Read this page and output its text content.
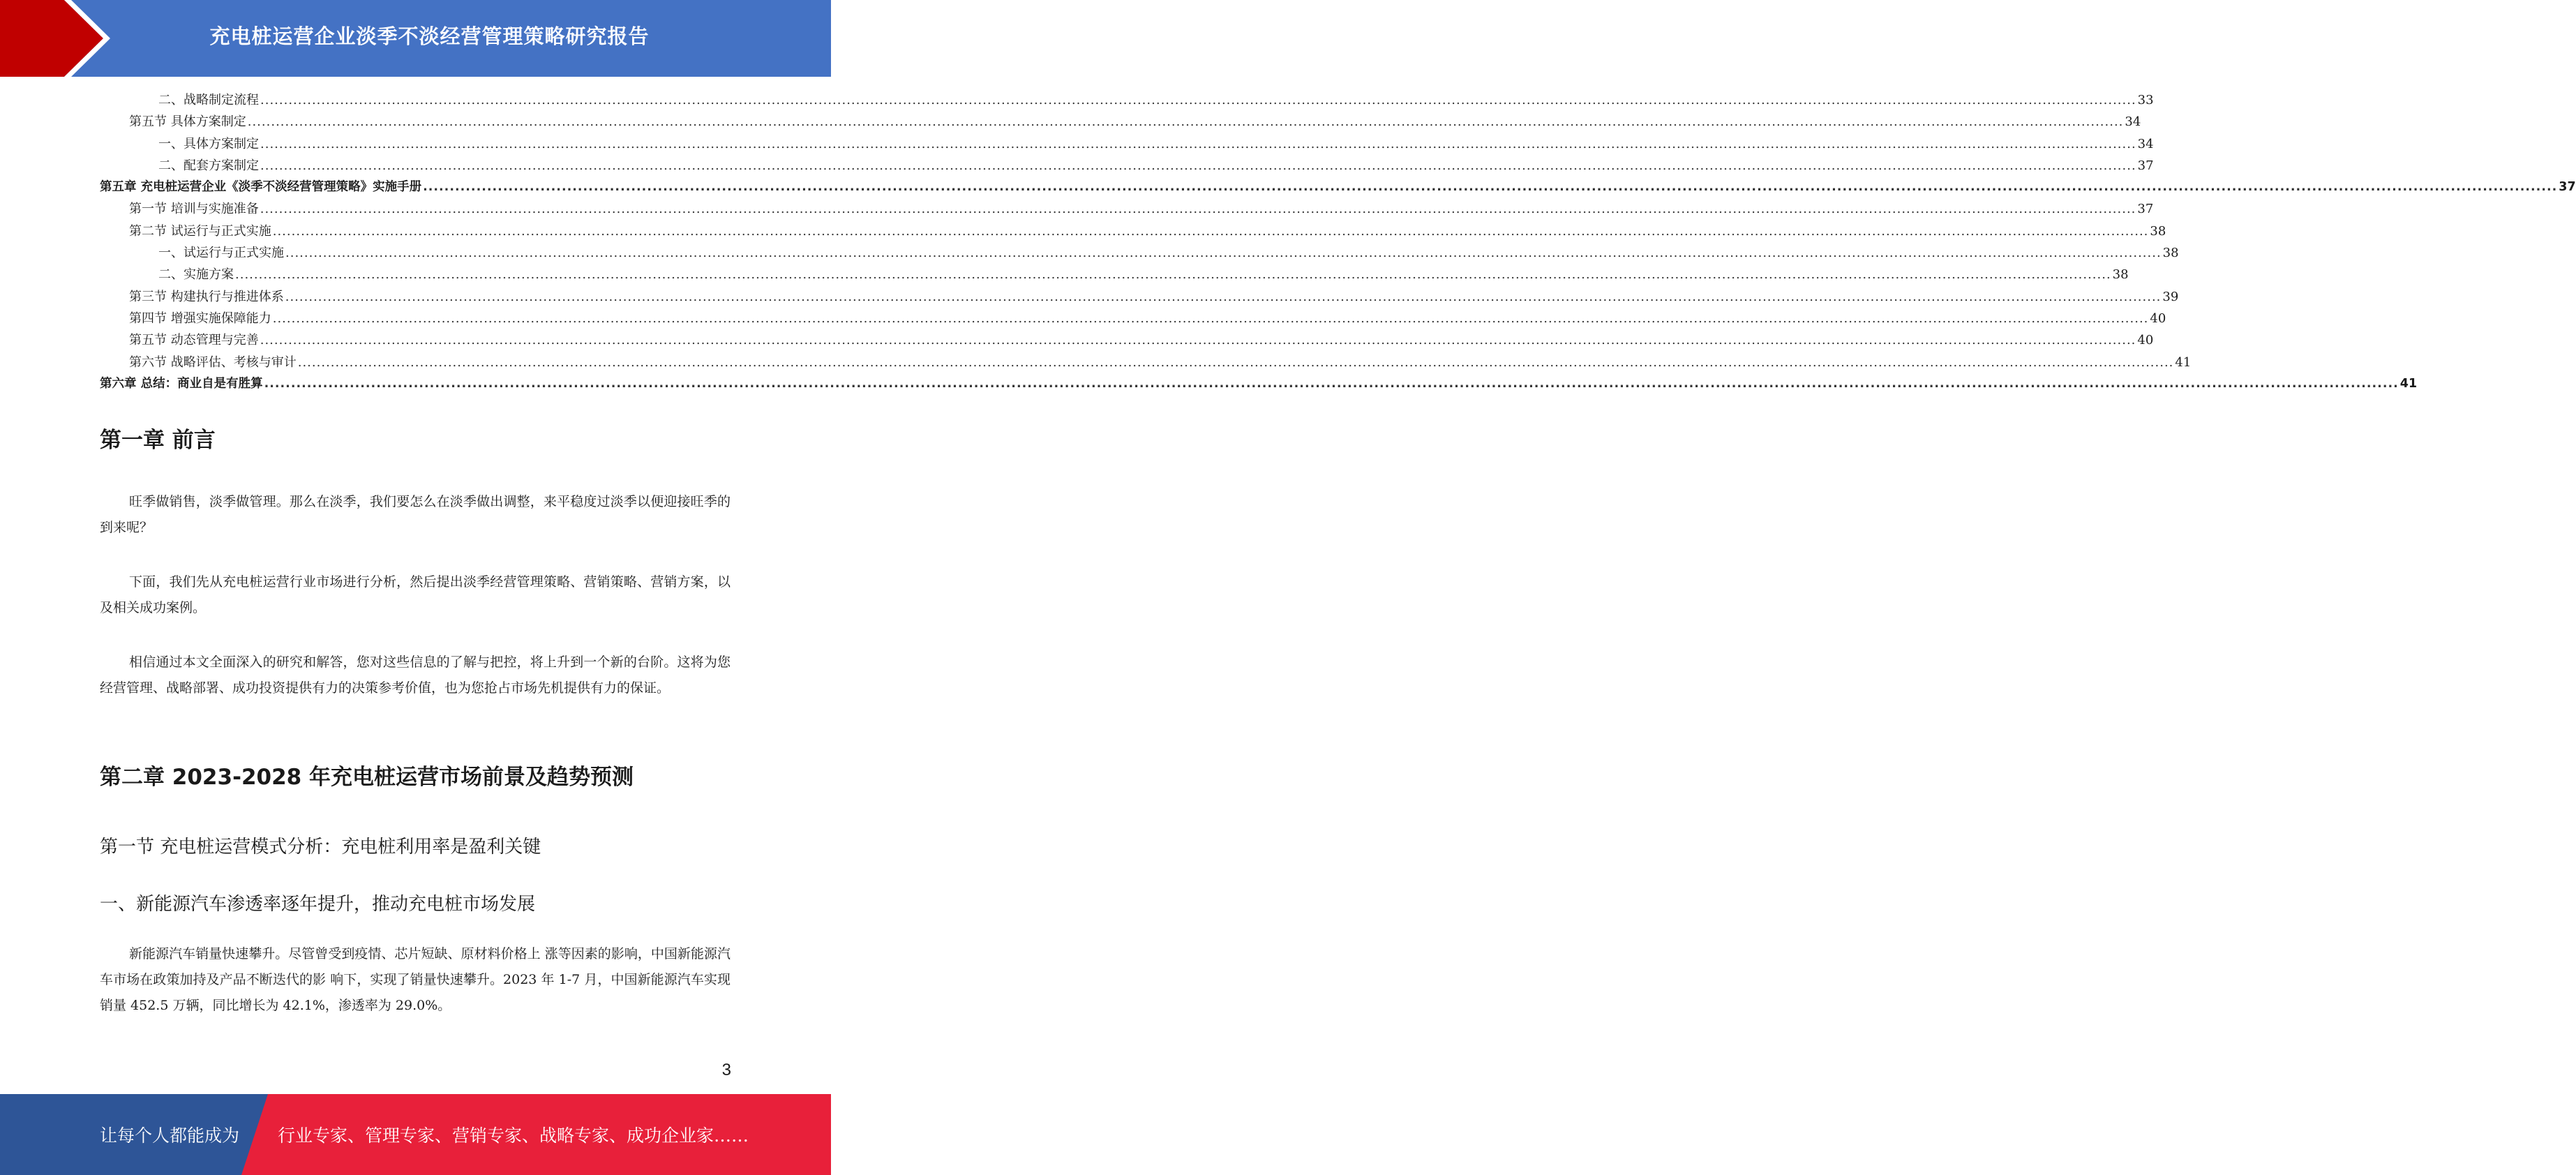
充电桩运营企业淡季不淡经营管理策略研究报告
二、战略制定流程 ................................................................................................................................................................................................................................................................................................................................................................................................................ 33
第五节 具体方案制定 ................................................................................................................................................................................................................................................................................................................................................................................................................ 34
一、具体方案制定 ................................................................................................................................................................................................................................................................................................................................................................................................................ 34
二、配套方案制定 ................................................................................................................................................................................................................................................................................................................................................................................................................ 37
第五章 充电桩运营企业《淡季不淡经营管理策略》实施手册 ................................................................................................................................................................................................................................................................................................................................................................................................................ 37
第一节 培训与实施准备 ................................................................................................................................................................................................................................................................................................................................................................................................................ 37
第二节 试运行与正式实施 ................................................................................................................................................................................................................................................................................................................................................................................................................ 38
一、试运行与正式实施 ................................................................................................................................................................................................................................................................................................................................................................................................................ 38
二、实施方案 ................................................................................................................................................................................................................................................................................................................................................................................................................ 38
第三节 构建执行与推进体系 ................................................................................................................................................................................................................................................................................................................................................................................................................ 39
第四节 增强实施保障能力 ................................................................................................................................................................................................................................................................................................................................................................................................................ 40
第五节 动态管理与完善 ................................................................................................................................................................................................................................................................................................................................................................................................................ 40
第六节 战略评估、考核与审计 ................................................................................................................................................................................................................................................................................................................................................................................................................ 41
第六章 总结：商业自是有胜算 ................................................................................................................................................................................................................................................................................................................................................................................................................ 41
第一章 前言
旺季做销售，淡季做管理。那么在淡季，我们要怎么在淡季做出调整，来平稳度过淡季以便迎接旺季的到来呢？
下面，我们先从充电桩运营行业市场进行分析，然后提出淡季经营管理策略、营销策略、营销方案，以及相关成功案例。
相信通过本文全面深入的研究和解答，您对这些信息的了解与把控，将上升到一个新的台阶。这将为您经营管理、战略部署、成功投资提供有力的决策参考价值，也为您抢占市场先机提供有力的保证。
第二章 2023-2028 年充电桩运营市场前景及趋势预测
第一节 充电桩运营模式分析：充电桩利用率是盈利关键
一、新能源汽车渗透率逐年提升，推动充电桩市场发展
新能源汽车销量快速攀升。尽管曾受到疫情、芯片短缺、原材料价格上 涨等因素的影响，中国新能源汽车市场在政策加持及产品不断迭代的影 响下，实现了销量快速攀升。2023 年 1-7 月，中国新能源汽车实现销量 452.5 万辆，同比增长为 42.1%，渗透率为 29.0%。
3
让每个人都能成为 行业专家、管理专家、营销专家、战略专家、成功企业家……
